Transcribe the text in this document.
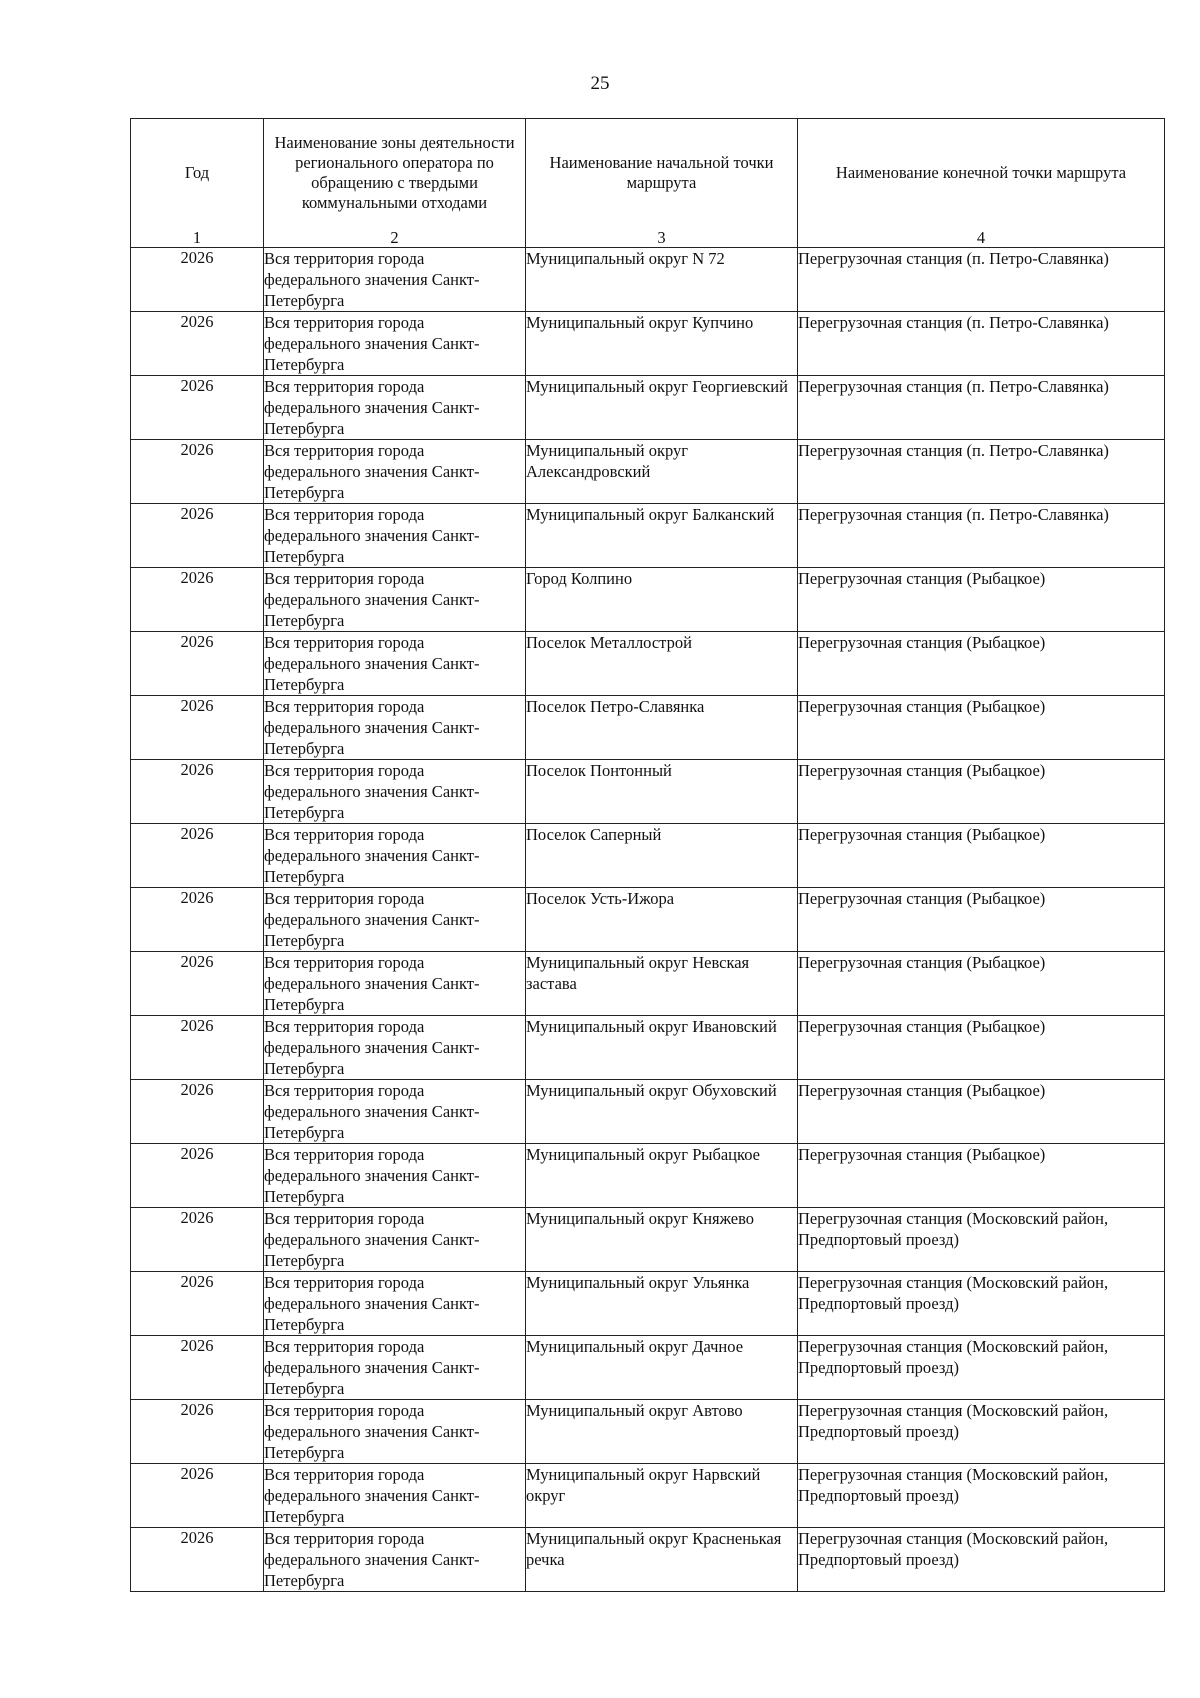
25
Год	Наименование зоны деятельности регионального оператора по обращению с твердыми коммунальными отходами	Наименование начальной точки маршрута	Наименование конечной точки маршрута
1	2	3	4
2026	Вся территория города федерального значения Санкт-Петербурга	Муниципальный округ N 72	Перегрузочная станция (п. Петро-Славянка)
2026	Вся территория города федерального значения Санкт-Петербурга	Муниципальный округ Купчино	Перегрузочная станция (п. Петро-Славянка)
2026	Вся территория города федерального значения Санкт-Петербурга	Муниципальный округ Георгиевский	Перегрузочная станция (п. Петро-Славянка)
2026	Вся территория города федерального значения Санкт-Петербурга	Муниципальный округ Александровский	Перегрузочная станция (п. Петро-Славянка)
2026	Вся территория города федерального значения Санкт-Петербурга	Муниципальный округ Балканский	Перегрузочная станция (п. Петро-Славянка)
2026	Вся территория города федерального значения Санкт-Петербурга	Город Колпино	Перегрузочная станция (Рыбацкое)
2026	Вся территория города федерального значения Санкт-Петербурга	Поселок Металлострой	Перегрузочная станция (Рыбацкое)
2026	Вся территория города федерального значения Санкт-Петербурга	Поселок Петро-Славянка	Перегрузочная станция (Рыбацкое)
2026	Вся территория города федерального значения Санкт-Петербурга	Поселок Понтонный	Перегрузочная станция (Рыбацкое)
2026	Вся территория города федерального значения Санкт-Петербурга	Поселок Саперный	Перегрузочная станция (Рыбацкое)
2026	Вся территория города федерального значения Санкт-Петербурга	Поселок Усть-Ижора	Перегрузочная станция (Рыбацкое)
2026	Вся территория города федерального значения Санкт-Петербурга	Муниципальный округ Невская застава	Перегрузочная станция (Рыбацкое)
2026	Вся территория города федерального значения Санкт-Петербурга	Муниципальный округ Ивановский	Перегрузочная станция (Рыбацкое)
2026	Вся территория города федерального значения Санкт-Петербурга	Муниципальный округ Обуховский	Перегрузочная станция (Рыбацкое)
2026	Вся территория города федерального значения Санкт-Петербурга	Муниципальный округ Рыбацкое	Перегрузочная станция (Рыбацкое)
2026	Вся территория города федерального значения Санкт-Петербурга	Муниципальный округ Княжево	Перегрузочная станция (Московский район, Предпортовый проезд)
2026	Вся территория города федерального значения Санкт-Петербурга	Муниципальный округ Ульянка	Перегрузочная станция (Московский район, Предпортовый проезд)
2026	Вся территория города федерального значения Санкт-Петербурга	Муниципальный округ Дачное	Перегрузочная станция (Московский район, Предпортовый проезд)
2026	Вся территория города федерального значения Санкт-Петербурга	Муниципальный округ Автово	Перегрузочная станция (Московский район, Предпортовый проезд)
2026	Вся территория города федерального значения Санкт-Петербурга	Муниципальный округ Нарвский округ	Перегрузочная станция (Московский район, Предпортовый проезд)
2026	Вся территория города федерального значения Санкт-Петербурга	Муниципальный округ Красненькая речка	Перегрузочная станция (Московский район, Предпортовый проезд)
